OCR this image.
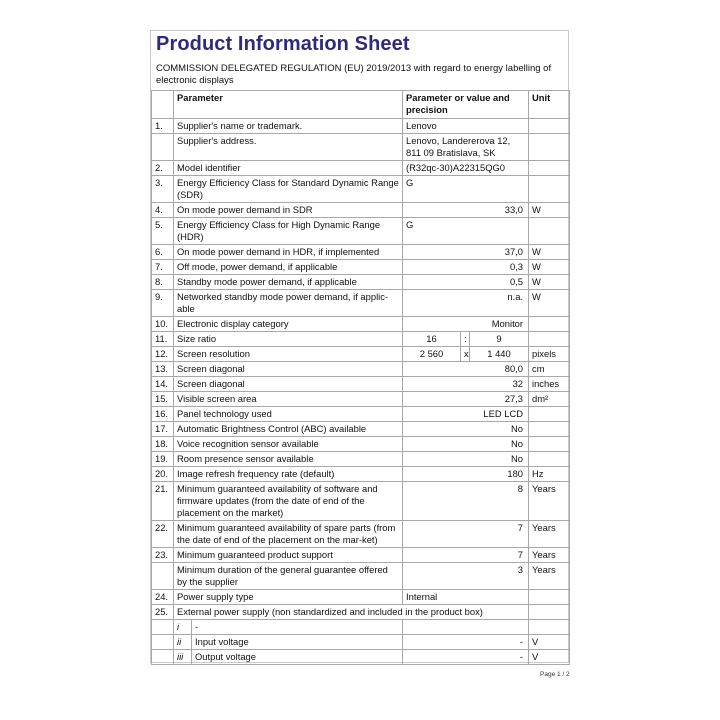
Product Information Sheet
COMMISSION DELEGATED REGULATION (EU) 2019/2013 with regard to energy labelling of electronic displays
	Parameter		Parameter or value and precision			Unit
1.	Supplier's name or trademark.		Lenovo			
	Supplier's address.		Lenovo, Landererova 12, 811 09 Bratislava, SK			
2.	Model identifier		(R32qc-30)A22315QG0			
3.	Energy Efficiency Class for Standard Dynamic Range (SDR)		G			
4.	On mode power demand in SDR		33,0			W
5.	Energy Efficiency Class for High Dynamic Range (HDR)		G			
6.	On mode power demand in HDR, if implemented		37,0			W
7.	Off mode, power demand, if applicable		0,3			W
8.	Standby mode power demand, if applicable		0,5			W
9.	Networked standby mode power demand, if applic-able		n.a.			W
10.	Electronic display category		Monitor			
11.	Size ratio		16	:	9	
12.	Screen resolution		2 560	x	1 440	pixels
13.	Screen diagonal		80,0			cm
14.	Screen diagonal		32			inches
15.	Visible screen area		27,3			dm²
16.	Panel technology used		LED LCD			
17.	Automatic Brightness Control (ABC) available		No			
18.	Voice recognition sensor available		No			
19.	Room presence sensor available		No			
20.	Image refresh frequency rate (default)		180			Hz
21.	Minimum guaranteed availability of software and firmware updates (from the date of end of the placement on the market)		8			Years
22.	Minimum guaranteed availability of spare parts (from the date of end of the placement on the mar-ket)		7			Years
23.	Minimum guaranteed product support		7			Years
	Minimum duration of the general guarantee offered by the supplier		3			Years
24.	Power supply type		Internal			
25.	External power supply (non standardized and included in the product box)					
	i	-				
	ii	Input voltage	-			V
	iii	Output voltage	-			V
Page 1 / 2
